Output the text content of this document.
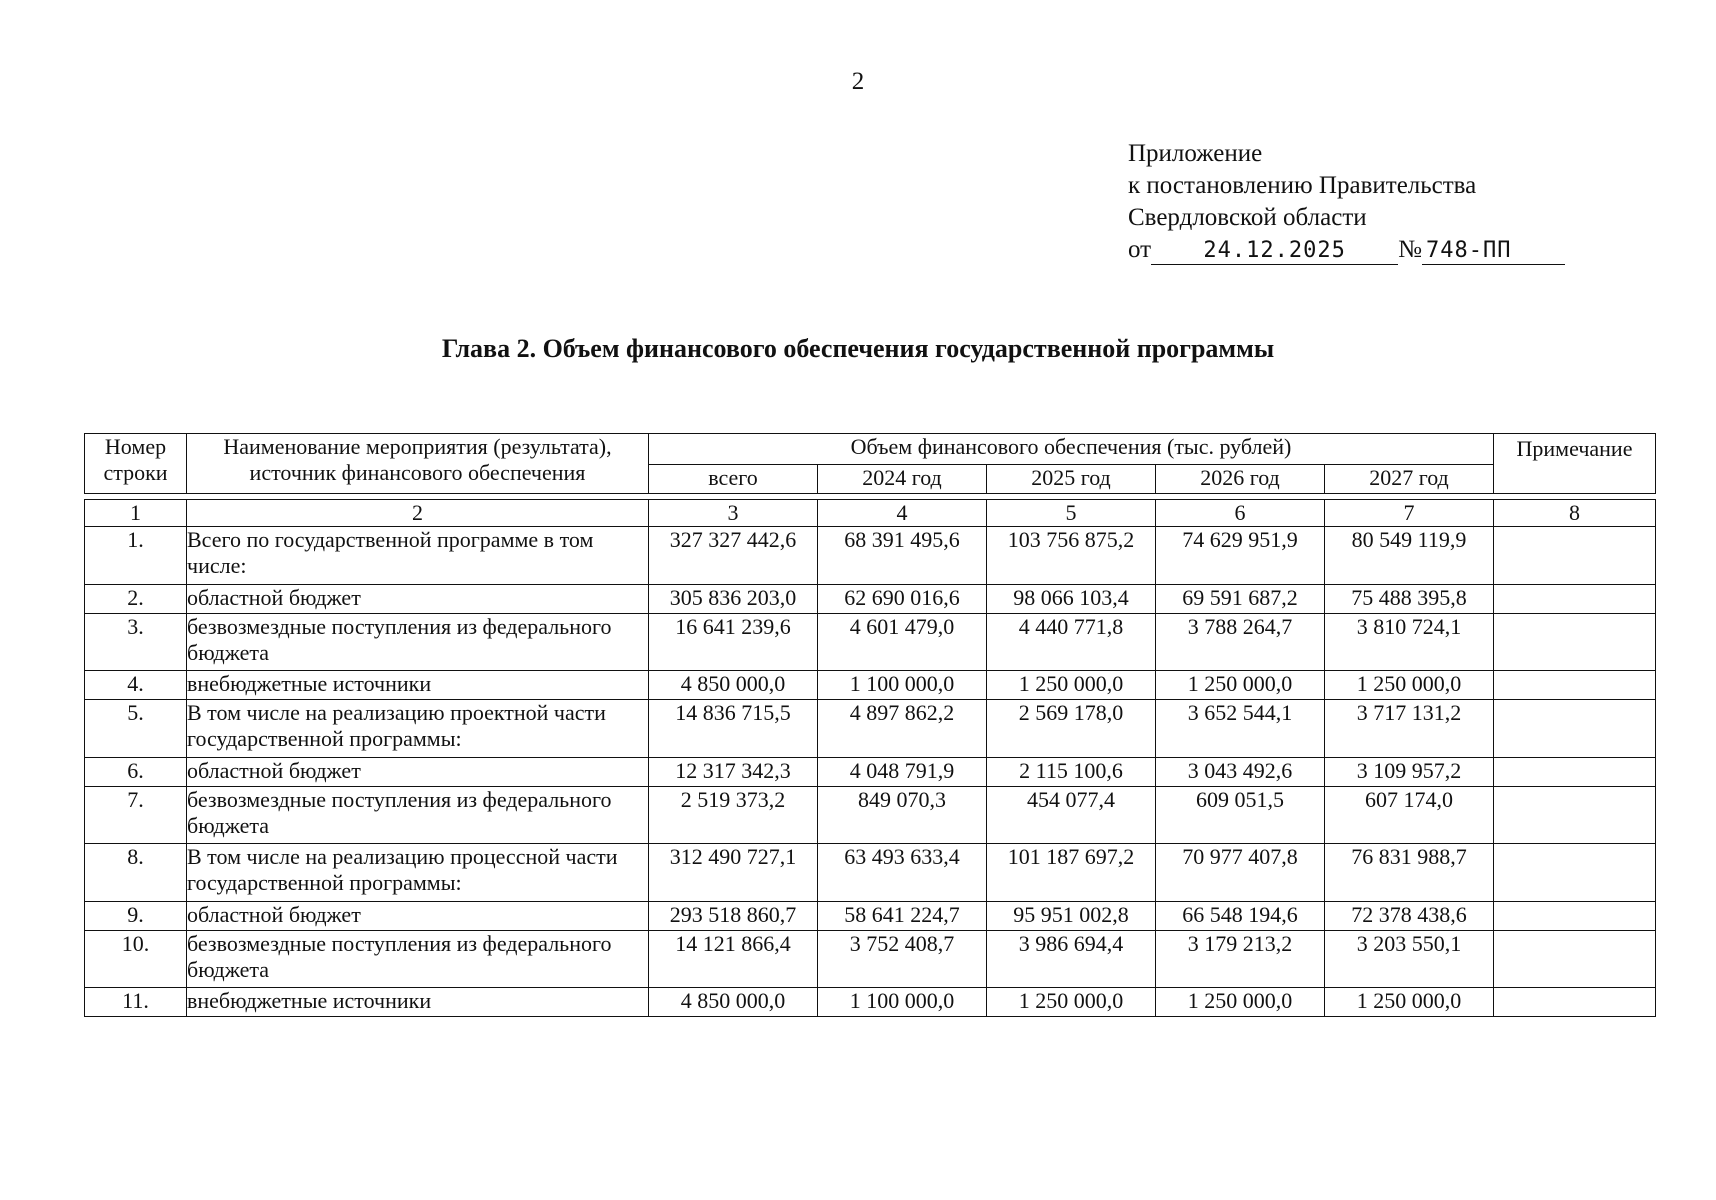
2
Приложение
к постановлению Правительства
Свердловской области
от 24.12.2025 № 748-ПП
Глава 2. Объем финансового обеспечения государственной программы
Номер строки	Наименование мероприятия (результата), источник финансового обеспечения	Объем финансового обеспечения (тыс. рублей)					Примечание
		всего	2024 год	2025 год	2026 год	2027 год	

1	2	3	4	5	6	7	8
1.	Всего по государственной программе в том числе:	327 327 442,6	68 391 495,6	103 756 875,2	74 629 951,9	80 549 119,9	
2.	областной бюджет	305 836 203,0	62 690 016,6	98 066 103,4	69 591 687,2	75 488 395,8	
3.	безвозмездные поступления из федерального бюджета	16 641 239,6	4 601 479,0	4 440 771,8	3 788 264,7	3 810 724,1	
4.	внебюджетные источники	4 850 000,0	1 100 000,0	1 250 000,0	1 250 000,0	1 250 000,0	
5.	В том числе на реализацию проектной части государственной программы:	14 836 715,5	4 897 862,2	2 569 178,0	3 652 544,1	3 717 131,2	
6.	областной бюджет	12 317 342,3	4 048 791,9	2 115 100,6	3 043 492,6	3 109 957,2	
7.	безвозмездные поступления из федерального бюджета	2 519 373,2	849 070,3	454 077,4	609 051,5	607 174,0	
8.	В том числе на реализацию процессной части государственной программы:	312 490 727,1	63 493 633,4	101 187 697,2	70 977 407,8	76 831 988,7	
9.	областной бюджет	293 518 860,7	58 641 224,7	95 951 002,8	66 548 194,6	72 378 438,6	
10.	безвозмездные поступления из федерального бюджета	14 121 866,4	3 752 408,7	3 986 694,4	3 179 213,2	3 203 550,1	
11.	внебюджетные источники	4 850 000,0	1 100 000,0	1 250 000,0	1 250 000,0	1 250 000,0	
